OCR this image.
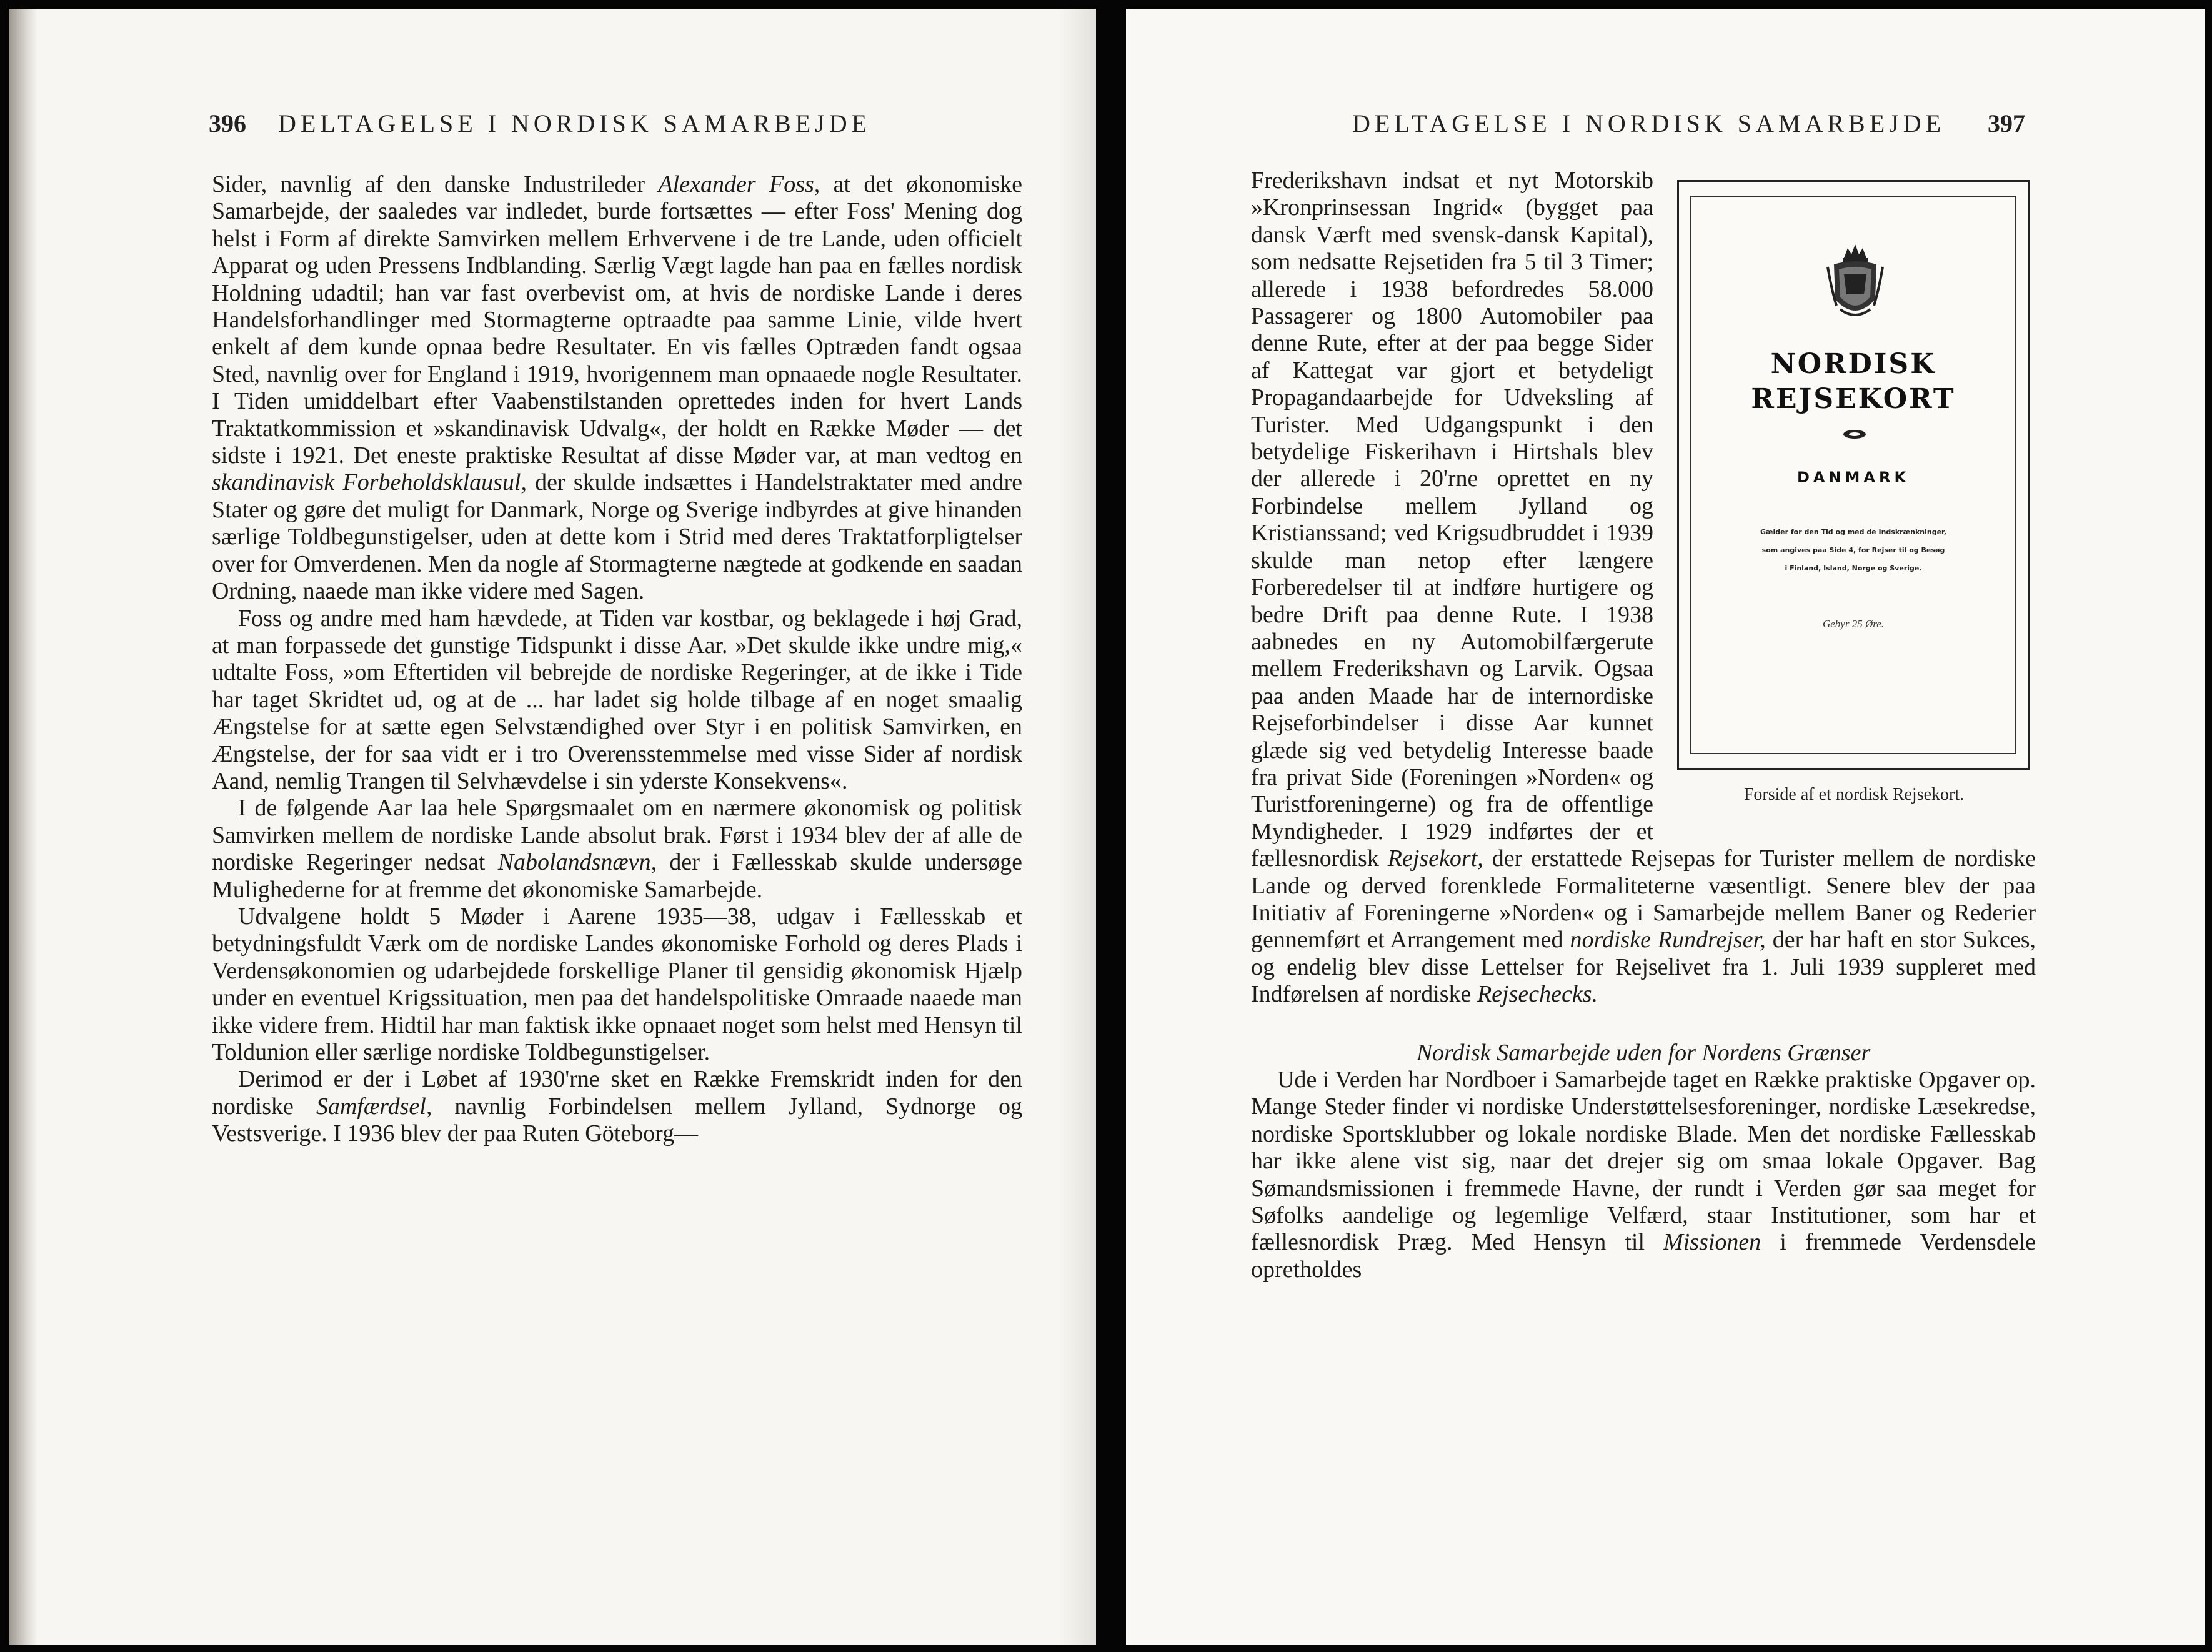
396 DELTAGELSE I NORDISK SAMARBEJDE

Sider, navnlig af den danske Industrileder Alexander Foss, at det økonomiske Samarbejde, der saaledes var indledet, burde fortsættes — efter Foss' Mening dog helst i Form af direkte Samvirken mellem Erhvervene i de tre Lande, uden officielt Apparat og uden Pressens Indblanding. Særlig Vægt lagde han paa en fælles nordisk Holdning udadtil; han var fast overbevist om, at hvis de nordiske Lande i deres Handelsforhandlinger med Stormagterne optraadte paa samme Linie, vilde hvert enkelt af dem kunde opnaa bedre Resultater. En vis fælles Optræden fandt ogsaa Sted, navnlig over for England i 1919, hvorigennem man opnaaede nogle Resultater. I Tiden umiddelbart efter Vaabenstilstanden oprettedes inden for hvert Lands Traktatkommission et »skandinavisk Udvalg«, der holdt en Række Møder — det sidste i 1921. Det eneste praktiske Resultat af disse Møder var, at man vedtog en skandinavisk Forbeholdsklausul, der skulde indsættes i Handelstraktater med andre Stater og gøre det muligt for Danmark, Norge og Sverige indbyrdes at give hinanden særlige Toldbegunstigelser, uden at dette kom i Strid med deres Traktatforpligtelser over for Omverdenen. Men da nogle af Stormagterne nægtede at godkende en saadan Ordning, naaede man ikke videre med Sagen.

Foss og andre med ham hævdede, at Tiden var kostbar, og beklagede i høj Grad, at man forpassede det gunstige Tidspunkt i disse Aar. »Det skulde ikke undre mig,« udtalte Foss, »om Eftertiden vil bebrejde de nordiske Regeringer, at de ikke i Tide har taget Skridtet ud, og at de ... har ladet sig holde tilbage af en noget smaalig Ængstelse for at sætte egen Selvstændighed over Styr i en politisk Samvirken, en Ængstelse, der for saa vidt er i tro Overensstemmelse med visse Sider af nordisk Aand, nemlig Trangen til Selvhævdelse i sin yderste Konsekvens«.

I de følgende Aar laa hele Spørgsmaalet om en nærmere økonomisk og politisk Samvirken mellem de nordiske Lande absolut brak. Først i 1934 blev der af alle de nordiske Regeringer nedsat Nabolandsnævn, der i Fællesskab skulde undersøge Mulighederne for at fremme det økonomiske Samarbejde.

Udvalgene holdt 5 Møder i Aarene 1935—38, udgav i Fællesskab et betydningsfuldt Værk om de nordiske Landes økonomiske Forhold og deres Plads i Verdensøkonomien og udarbejdede forskellige Planer til gensidig økonomisk Hjælp under en eventuel Krigssituation, men paa det handelspolitiske Omraade naaede man ikke videre frem. Hidtil har man faktisk ikke opnaaet noget som helst med Hensyn til Toldunion eller særlige nordiske Toldbegunstigelser.

Derimod er der i Løbet af 1930'rne sket en Række Fremskridt inden for den nordiske Samfærdsel, navnlig Forbindelsen mellem Jylland, Sydnorge og Vestsverige. I 1936 blev der paa Ruten Göteborg—

DELTAGELSE I NORDISK SAMARBEJDE 397
NORDISK
REJSEKORT
DANMARK
Gælder for den Tid og med de Indskrænkninger,
som angives paa Side 4, for Rejser til og Besøg
i Finland, Island, Norge og Sverige.
Gebyr 25 Øre.
Forside af et nordisk Rejsekort.

Frederikshavn indsat et nyt Motorskib »Kronprinsessan Ingrid« (bygget paa dansk Værft med svensk-dansk Kapital), som nedsatte Rejsetiden fra 5 til 3 Timer; allerede i 1938 befordredes 58.000 Passagerer og 1800 Automobiler paa denne Rute, efter at der paa begge Sider af Kattegat var gjort et betydeligt Propagandaarbejde for Udveksling af Turister. Med Udgangspunkt i den betydelige Fiskerihavn i Hirtshals blev der allerede i 20'rne oprettet en ny Forbindelse mellem Jylland og Kristianssand; ved Krigsudbruddet i 1939 skulde man netop efter længere Forberedelser til at indføre hurtigere og bedre Drift paa denne Rute. I 1938 aabnedes en ny Automobilfærgerute mellem Frederikshavn og Larvik. Ogsaa paa anden Maade har de internordiske Rejseforbindelser i disse Aar kunnet glæde sig ved betydelig Interesse baade fra privat Side (Foreningen »Norden« og Turistforeningerne) og fra de offentlige Myndigheder. I 1929 indførtes der et fællesnordisk Rejsekort, der erstattede Rejsepas for Turister mellem de nordiske Lande og derved forenklede Formaliteterne væsentligt. Senere blev der paa Initiativ af Foreningerne »Norden« og i Samarbejde mellem Baner og Rederier gennemført et Arrangement med nordiske Rundrejser, der har haft en stor Sukces, og endelig blev disse Lettelser for Rejselivet fra 1. Juli 1939 suppleret med Indførelsen af nordiske Rejsechecks.

Nordisk Samarbejde uden for Nordens Grænser

Ude i Verden har Nordboer i Samarbejde taget en Række praktiske Opgaver op. Mange Steder finder vi nordiske Understøttelsesforeninger, nordiske Læsekredse, nordiske Sportsklubber og lokale nordiske Blade. Men det nordiske Fællesskab har ikke alene vist sig, naar det drejer sig om smaa lokale Opgaver. Bag Sømandsmissionen i fremmede Havne, der rundt i Verden gør saa meget for Søfolks aandelige og legemlige Velfærd, staar Institutioner, som har et fællesnordisk Præg. Med Hensyn til Missionen i fremmede Verdensdele opretholdes
